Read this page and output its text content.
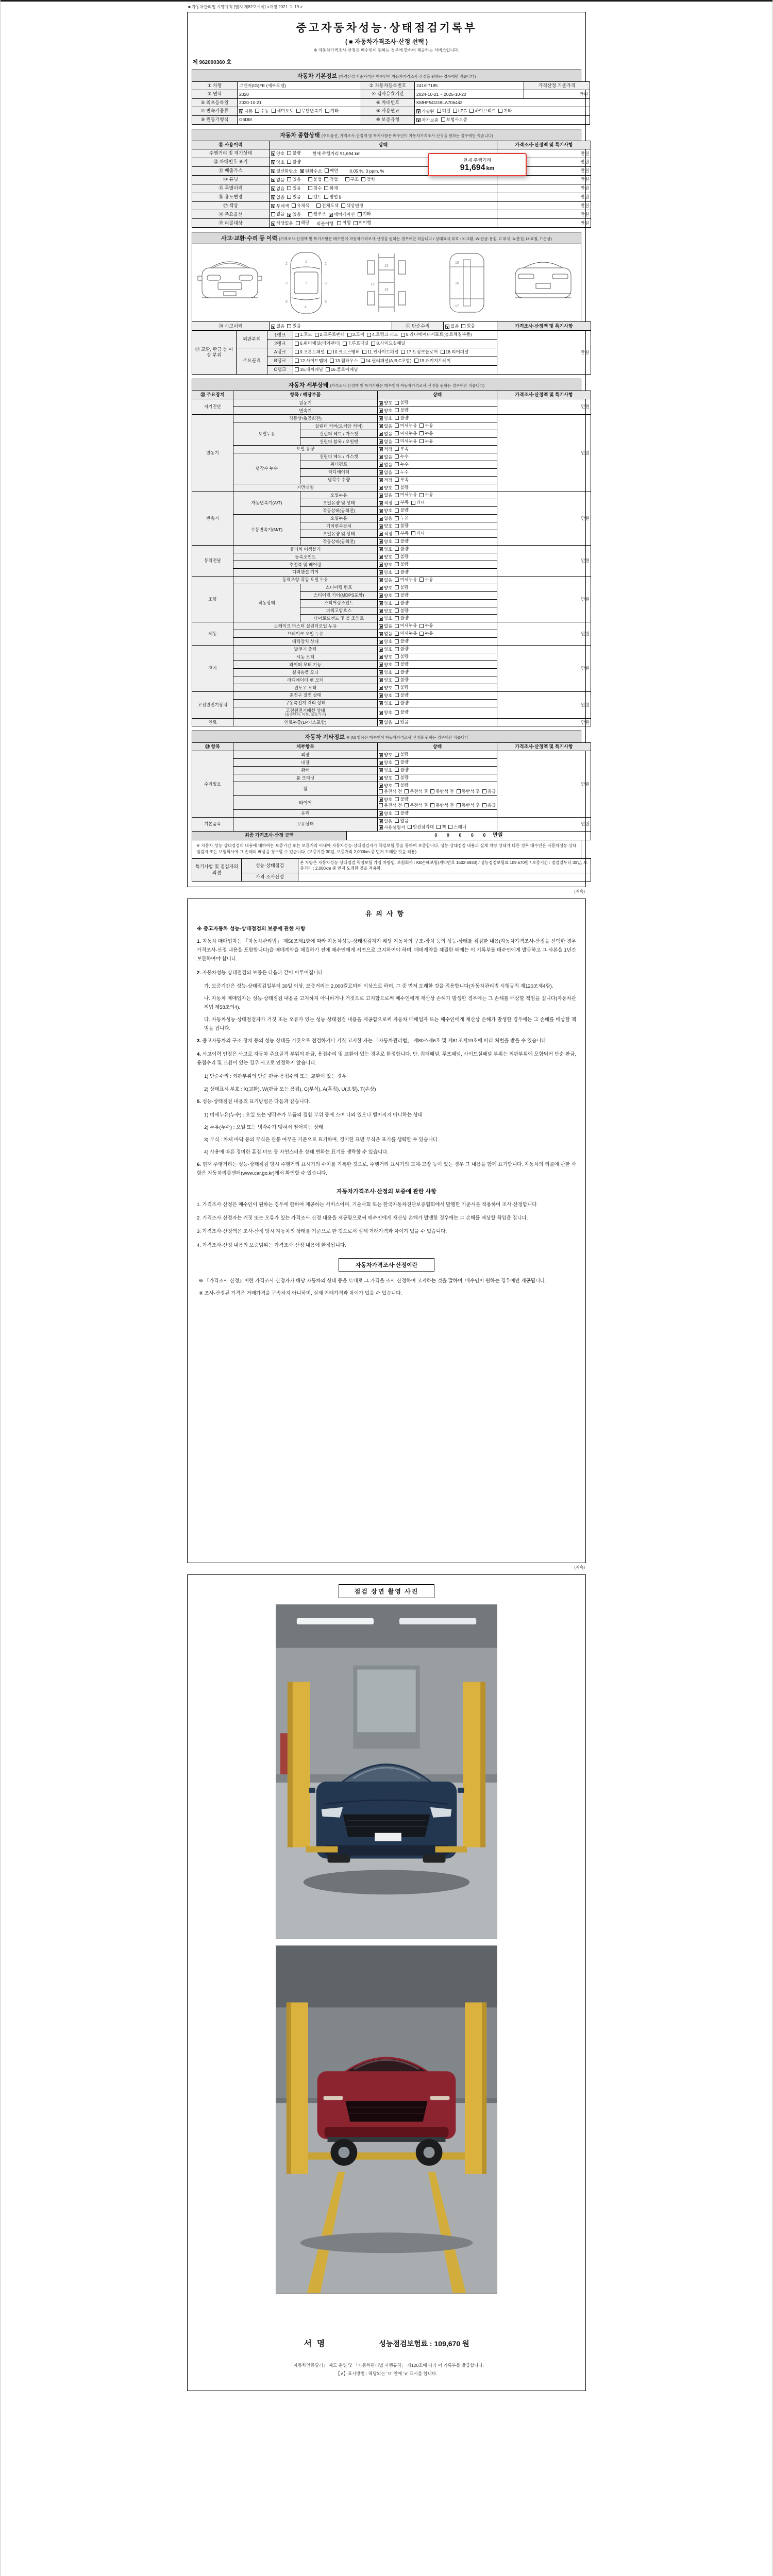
■ 자동차관리법 시행규칙 [별지 제82호서식] <개정 2021. 1. 19.>
중고자동차성능·상태점검기록부
( ■ 자동차가격조사·산정 선택 )
※ 자동차가격조사·산정은 매수인이 원하는 경우에 한하여 제공하는 서비스입니다.
제 962000360 호
자동차 기본정보 (가격산정 기준가격은 매수인이 자동차가격조사·산정을 원하는 경우에만 적습니다)
① 차명	그랜저(IG)FE (세부모델)	② 자동차등록번호	241러7195	가격산정 기준가격
③ 연식	2020	④ 검사유효기간	2024-10-21 ~ 2025-10-20	만원
⑤ 최초등록일	2020-10-21	⑥ 차대번호	KMHF541GBLA706442	
⑦ 변속기종류	∨ 자동 수동 세미오토 무단변속기 기타	⑧ 사용연료	∨ 가솔린 디젤 LPG 하이브리드 기타

⑨ 원동기형식	G6DM	⑩ 보증유형	∨ 자가보증 보험사보증	
자동차 종합상태 (주요옵션, 가격조사·산정액 및 특기사항은 매수인이 자동차가격조사·산정을 원하는 경우에만 적습니다)
⑪ 사용이력	상태	가격조사·산정액 및 특기사항
주행거리 및 계기상태	∨ 양호 불량 현재 주행거리 91,694 km	만원
⑫ 차대번호 표기	∨ 양호 불량	만원
⑬ 배출가스	∨ 일산화탄소 ∨ 탄화수소 매연	0.05 %, 3 ppm, %	만원
⑭ 튜닝	∨ 없음 있음	불법 적법	구조 장치	만원
⑮ 특별이력	∨ 없음 있음 침수 화재	만원
⑯ 용도변경	∨ 없음 있음 렌트 영업용	만원
⑰ 색상	∨ 무채색 유채색 전체도색 색상변경	만원
⑱ 주요옵션	없음 ∨ 있음	썬루프 ∨ 네비게이션 기타	만원
⑲ 리콜대상	∨ 해당없음 해당 리콜이행 이행 미이행	만원
현재 주행거리
91,694 km
사고·교환·수리 등 이력 (가격조사·산정액 및 특기사항은 매수인이 자동차가격조사·산정을 원하는 경우에만 적습니다 / 상태표시 부호 : X-교환, W-판금·용접, C-부식, A-흠집, U-요철, T-손상)
1
7
4
2	2
3	3
6	6
10
12
16
15
16
17
⑳ 사고이력	∨ 없음 있음	㉑ 단순수리	∨ 없음 있음	가격조사·산정액 및 특기사항
㉒ 교환, 판금 등 이상 부위	외판부위	1랭크	1.후드 2.프론트펜더 3.도어 4.트렁크 리드 5.라디에이터서포트(볼트체결부품)	만원
		2랭크	6.쿼터패널(리어펜더) 7.루프패널 8.사이드실패널	

	주요골격	A랭크	9.프론트패널 10.크로스멤버 11.인사이드패널 17.트렁크플로어 18.리어패널	

		B랭크	12.사이드멤버 13.휠하우스 14.필러패널(A,B,C포함) 19.패키지트레이	

		C랭크	15.대쉬패널 16.플로어패널	
자동차 세부상태 (가격조사·산정액 및 특기사항은 매수인이 자동차가격조사·산정을 원하는 경우에만 적습니다)
㉓ 주요장치	항목 / 해당부품		상태	가격조사·산정액 및 특기사항
자기진단	원동기		∨ 양호 불량	만원
	변속기		∨ 양호 불량	

원동기	작동상태(공회전)		∨ 양호 불량	만원
	오일누유	실린더 커버(로커암 커버)	∨ 없음 미세누유 누유	

		실린더 헤드 / 가스켓	∨ 없음 미세누유 누유	

		실린더 블록 / 오일팬	∨ 없음 미세누유 누유	

	오일 유량		∨ 적정 부족	

	냉각수 누수	실린더 헤드 / 가스켓	∨ 없음 누수	

		워터펌프	∨ 없음 누수	

		라디에이터	∨ 없음 누수	

		냉각수 수량	∨ 적정 부족	

	커먼레일		∨ 양호 불량	

변속기	자동변속기(A/T)	오일누유	∨ 없음 미세누유 누유	만원
		오일유량 및 상태	∨ 적정 부족 과다	

		작동상태(공회전)	∨ 양호 불량	

	수동변속기(M/T)	오일누유	∨ 없음 누유	

		기어변속장치	∨ 양호 불량	

		오일유량 및 상태	∨ 적정 부족 과다	

		작동상태(공회전)	∨ 양호 불량	

동력전달	클러치 어셈블리		∨ 양호 불량	만원
	등속조인트		∨ 양호 불량	

	추진축 및 베어링		∨ 양호 불량	

	디퍼렌셜 기어		∨ 양호 불량	

조향	동력조향 작동 오일 누유		∨ 없음 미세누유 누유	만원
	작동상태	스티어링 펌프	∨ 양호 불량	

		스티어링 기어(MDPS포함)	∨ 양호 불량	

		스티어링조인트	∨ 양호 불량	

		파워고압호스	∨ 양호 불량	

		타이로드엔드 및 볼 조인트	∨ 양호 불량	

제동	브레이크 마스터 실린더오일 누유		∨ 없음 미세누유 누유	만원
	브레이크 오일 누유		∨ 없음 미세누유 누유	

	배력장치 상태		∨ 양호 불량	

전기	발전기 출력		∨ 양호 불량	만원
	시동 모터		∨ 양호 불량	

	와이퍼 모터 기능		∨ 양호 불량	

	실내송풍 모터		∨ 양호 불량	

	라디에이터 팬 모터		∨ 양호 불량	

	윈도우 모터		∨ 양호 불량	

고전원전기장치	충전구 절연 상태		∨ 양호 불량	만원
	구동축전지 격리 상태		∨ 양호 불량	

	고전원전기배선 상태
(접속단자, 피복, 보호기구)		∨ 양호 불량	

연료	연료누출(LP가스포함)		∨ 없음 있음	만원
자동차 기타정보 ※ (N) 항목은 매수인이 자동차가격조사·산정을 원하는 경우에만 적습니다
㉔ 항목	세부항목	상태	가격조사·산정액 및 특기사항
수리필요	외장	∨ 양호 불량	만원
	내장	∨ 양호 불량	

	광택	∨ 양호 불량	

	룸 크리닝	∨ 양호 불량	

휠	∨ 양호 불량
운전석 전 운전석 후 동반석 전 동반석 후 응급

타이어	∨ 양호 불량
운전석 전 운전석 후 동반석 전 동반석 후 응급

	유리	∨ 양호 불량	

기본품목	보유상태	∨ 있음 없음
∨ 사용설명서 안전삼각대 잭 스패너
	만원
최종 가격조사·산정 금액	0 0 0 0 0 만원
※ 자동차 성능·상태점검의 내용에 대하여는 보증기간 또는 보증거리 이내에 자동차성능·상태점검자가 책임보험 등을 통하여 보증합니다. 성능·상태점검 내용과 실제 차량 상태가 다른 경우 매수인은 자동차성능·상태점검자 또는 보험회사에 그 손해의 배상을 청구할 수 있습니다. (보증기간 30일, 보증거리 2,000km 중 먼저 도래한 것을 적용)
특기사항 및 점검자의 의견	성능·상태점검	본 차량은 자동차성능·상태점검 책임보험 가입 차량임. 보험회사 : KB손해보험(계약번호 1502-5933) / 성능점검보험료 109,670원 / 보증기간 : 점검일부터 30일, 보증거리 : 2,000km 중 먼저 도래한 것을 적용함.
	가격·조사산정	
(계속)
유의사항
※ 중고자동차 성능·상태점검의 보증에 관한 사항
1. 자동차 매매업자는 「자동차관리법」 제58조제1항에 따라 자동차성능·상태점검자가 해당 자동차의 구조·장치 등의 성능·상태를 점검한 내용(자동차가격조사·산정을 선택한 경우 가격조사·산정 내용을 포함합니다)을 매매계약을 체결하기 전에 매수인에게 서면으로 고지하여야 하며, 매매계약을 체결한 때에는 이 기록부를 매수인에게 발급하고 그 사본을 1년간 보관하여야 합니다.
2. 자동차성능·상태점검의 보증은 다음과 같이 이루어집니다.
가. 보증기간은 성능·상태점검일부터 30일 이상, 보증거리는 2,000킬로미터 이상으로 하며, 그 중 먼저 도래한 것을 적용합니다(자동차관리법 시행규칙 제120조제4항).
나. 자동차 매매업자는 성능·상태점검 내용을 고지하지 아니하거나 거짓으로 고지함으로써 매수인에게 재산상 손해가 발생한 경우에는 그 손해를 배상할 책임을 집니다(자동차관리법 제58조의4).
다. 자동차성능·상태점검자가 거짓 또는 오류가 있는 성능·상태점검 내용을 제공함으로써 자동차 매매업자 또는 매수인에게 재산상 손해가 발생한 경우에는 그 손해를 배상할 책임을 집니다.
3. 중고자동차의 구조·장치 등의 성능·상태를 거짓으로 점검하거나 거짓 고지한 자는 「자동차관리법」 제80조제6호 및 제81조제19호에 따라 처벌을 받을 수 있습니다.
4. 사고이력 인정은 사고로 자동차 주요골격 부위의 판금, 용접수리 및 교환이 있는 경우로 한정합니다. 단, 쿼터패널, 루프패널, 사이드실패널 부위는 외판부위에 포함되어 단순 판금, 용접수리 및 교환이 있는 경우 사고로 인정하지 않습니다.
1) 단순수리 : 외판부위의 단순 판금·용접수리 또는 교환이 있는 경우
2) 상태표시 부호 : X(교환), W(판금 또는 용접), C(부식), A(흠집), U(요철), T(손상)
5. 성능·상태점검 내용의 표기방법은 다음과 같습니다.
1) 미세누유(누수) : 오일 또는 냉각수가 부품의 접합 부위 등에 스며 나와 있으나 떨어지지 아니하는 상태
2) 누유(누수) : 오일 또는 냉각수가 맺혀서 떨어지는 상태
3) 부식 : 차체 바닥 등의 부식은 관통 여부를 기준으로 표기하며, 경미한 표면 부식은 표기를 생략할 수 있습니다.
4) 사용에 따른 경미한 흠집·마모 등 자연스러운 상태 변화는 표기를 생략할 수 있습니다.
6. 현재 주행거리는 성능·상태점검 당시 주행거리 표시기의 수치를 기록한 것으로, 주행거리 표시기의 교체·고장 등이 있는 경우 그 내용을 함께 표기합니다. 자동차의 리콜에 관한 사항은 자동차리콜센터(www.car.go.kr)에서 확인할 수 있습니다.
자동차가격조사·산정의 보증에 관한 사항
1. 가격조사·산정은 매수인이 원하는 경우에 한하여 제공하는 서비스이며, 기술사회 또는 한국자동차진단보증협회에서 발행한 기준서를 적용하여 조사·산정합니다.
2. 가격조사·산정자는 거짓 또는 오류가 있는 가격조사·산정 내용을 제공함으로써 매수인에게 재산상 손해가 발생한 경우에는 그 손해를 배상할 책임을 집니다.
3. 가격조사·산정액은 조사·산정 당시 자동차의 상태를 기준으로 한 것으로서 실제 거래가격과 차이가 있을 수 있습니다.
4. 가격조사·산정 내용의 보증범위는 가격조사·산정 내용에 한정됩니다.
자동차가격조사·산정이란
※ 『가격조사·산정』이란 가격조사·산정자가 해당 자동차의 상태 등을 토대로 그 가격을 조사·산정하여 고지하는 것을 말하며, 매수인이 원하는 경우에만 제공됩니다.
※ 조사·산정된 가격은 거래가격을 구속하지 아니하며, 실제 거래가격과 차이가 있을 수 있습니다.
(계속)
점검 장면 촬영 사진
서명	성능점검보험료 : 109,670 원
「자동차인증딜러」 제도 운영 및 「자동차관리법 시행규칙」 제120조에 따라 이 기록부를 발급합니다.
【∨】표시방법 : 해당되는 'ㅁ' 안에 '∨' 표시를 합니다.
